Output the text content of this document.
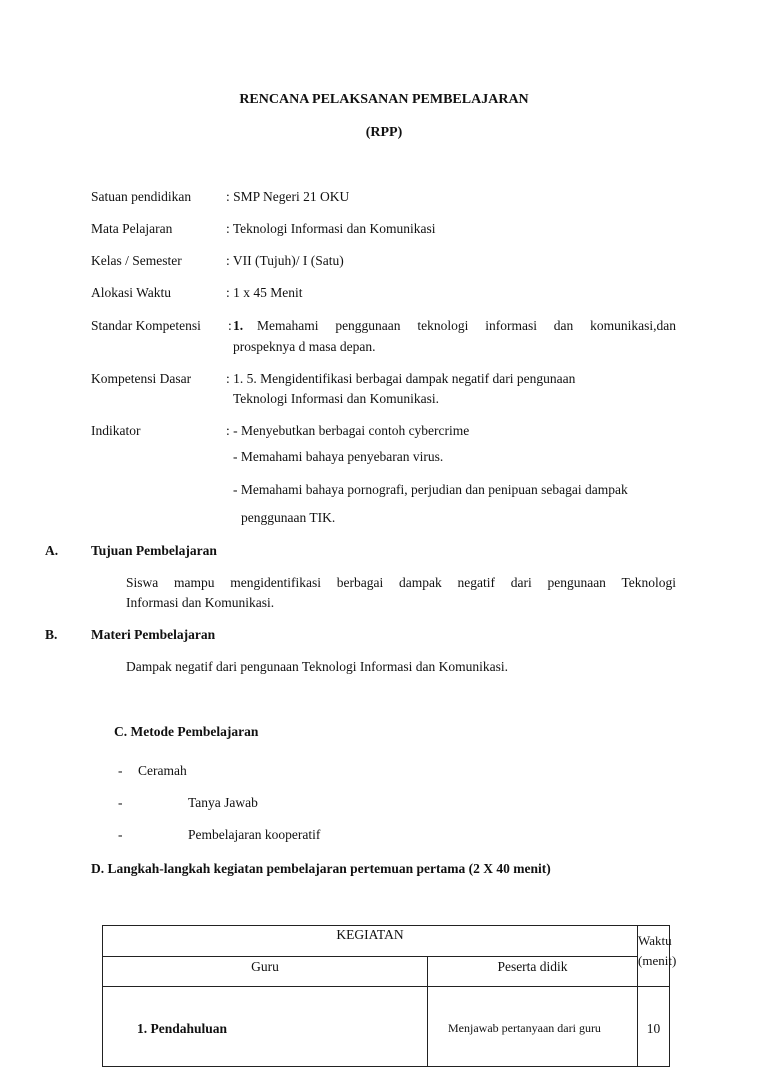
RENCANA PELAKSANAN PEMBELAJARAN
(RPP)
Satuan pendidikan	: SMP Negeri 21 OKU
Mata Pelajaran	: Teknologi Informasi dan Komunikasi
Kelas / Semester	: VII (Tujuh)/ I (Satu)
Alokasi Waktu	: 1 x 45 Menit
Standar Kompetensi : 1. Memahami penggunaan teknologi informasi dan komunikasi,dan
prospeknya d masa depan.
Kompetensi Dasar	: 1. 5. Mengidentifikasi berbagai dampak negatif dari pengunaan
Teknologi Informasi dan Komunikasi.
Indikator	: - Menyebutkan berbagai contoh cybercrime
- Memahami bahaya penyebaran virus.
- Memahami bahaya pornografi, perjudian dan penipuan sebagai dampak
penggunaan TIK.
A. Tujuan Pembelajaran
Siswa mampu mengidentifikasi berbagai dampak negatif dari pengunaan Teknologi
Informasi dan Komunikasi.
B. Materi Pembelajaran
Dampak negatif dari pengunaan Teknologi Informasi dan Komunikasi.
C. Metode Pembelajaran
- Ceramah
-	Tanya Jawab
-	Pembelajaran kooperatif
D. Langkah-langkah kegiatan pembelajaran pertemuan pertama (2 X 40 menit)
KEGIATAN		Waktu
(menit)

Guru	Peserta didik	
1. Pendahuluan	Menjawab pertanyaan dari guru	10
